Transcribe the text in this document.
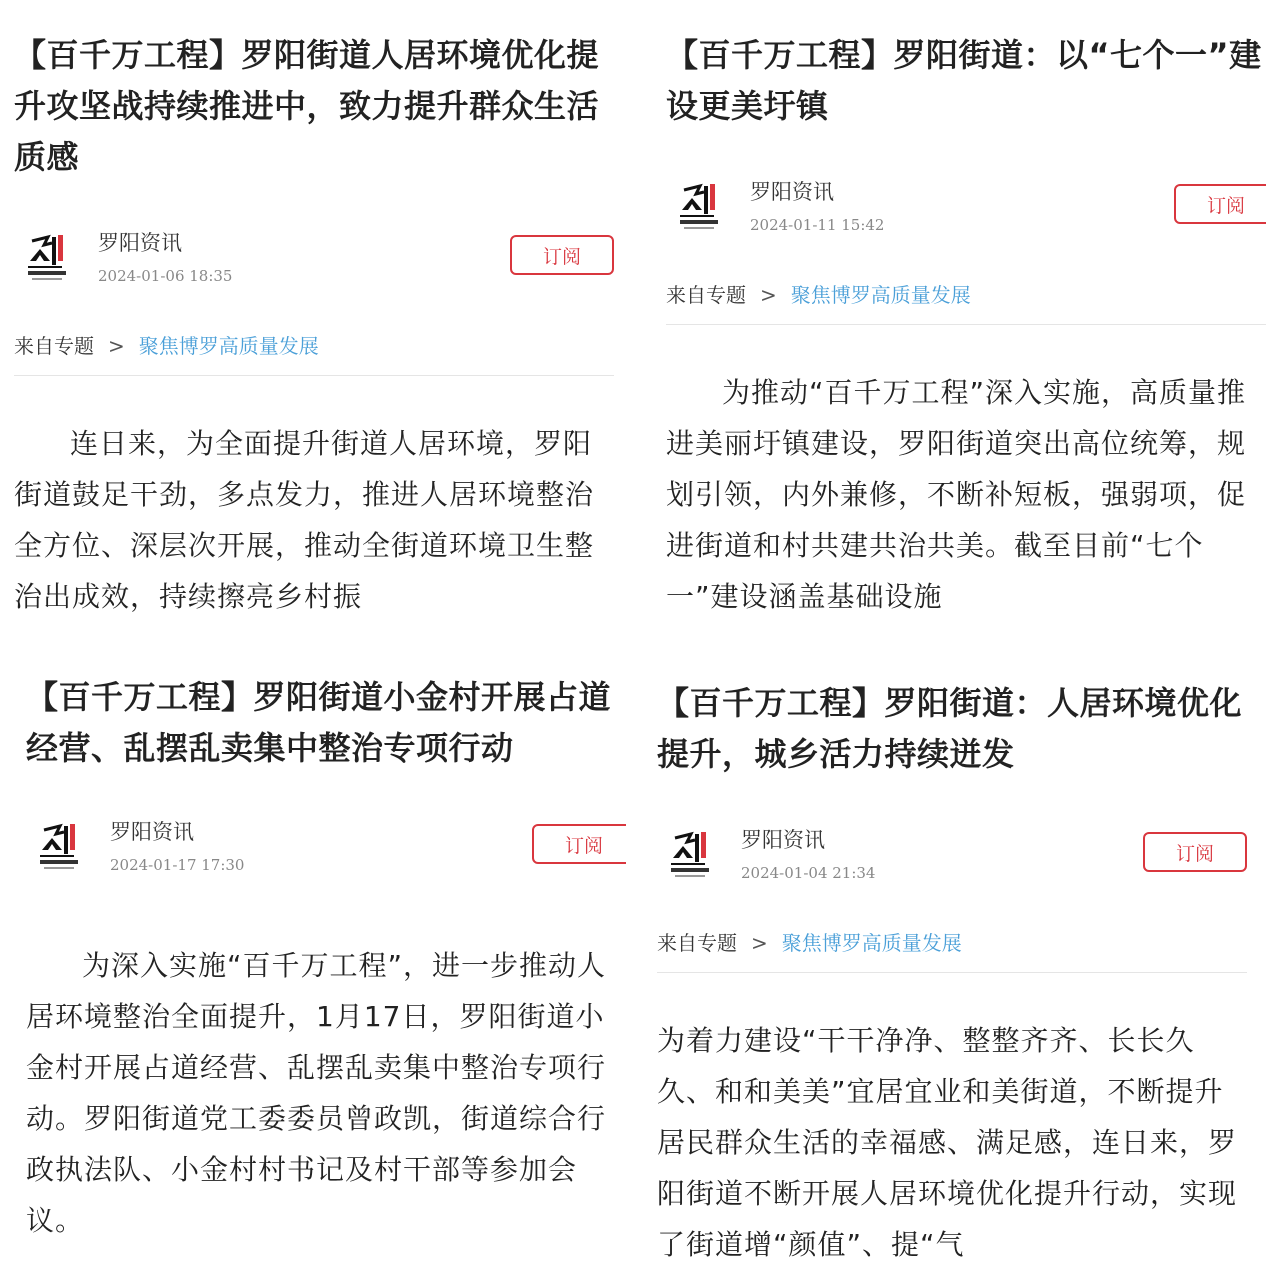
【百千万工程】罗阳街道人居环境优化提升攻坚战持续推进中，致力提升群众生活质感
罗阳资讯
2024-01-06 18:35
订阅
来自专题 > 聚焦博罗高质量发展

连日来，为全面提升街道人居环境，罗阳街道鼓足干劲，多点发力，推进人居环境整治全方位、深层次开展，推动全街道环境卫生整治出成效，持续擦亮乡村振

【百千万工程】罗阳街道：以“七个一”建设更美圩镇
罗阳资讯
2024-01-11 15:42
订阅
来自专题 > 聚焦博罗高质量发展

为推动“百千万工程”深入实施，高质量推进美丽圩镇建设，罗阳街道突出高位统筹，规划引领，内外兼修，不断补短板，强弱项，促进街道和村共建共治共美。截至目前“七个一”建设涵盖基础设施

【百千万工程】罗阳街道小金村开展占道经营、乱摆乱卖集中整治专项行动
罗阳资讯
2024-01-17 17:30
订阅

为深入实施“百千万工程”，进一步推动人居环境整治全面提升，1月17日，罗阳街道小金村开展占道经营、乱摆乱卖集中整治专项行动。罗阳街道党工委委员曾政凯，街道综合行政执法队、小金村村书记及村干部等参加会议。

【百千万工程】罗阳街道：人居环境优化提升，城乡活力持续迸发
罗阳资讯
2024-01-04 21:34
订阅
来自专题 > 聚焦博罗高质量发展

为着力建设“干干净净、整整齐齐、长长久久、和和美美”宜居宜业和美街道，不断提升居民群众生活的幸福感、满足感，连日来，罗阳街道不断开展人居环境优化提升行动，实现了街道增“颜值”、提“气
